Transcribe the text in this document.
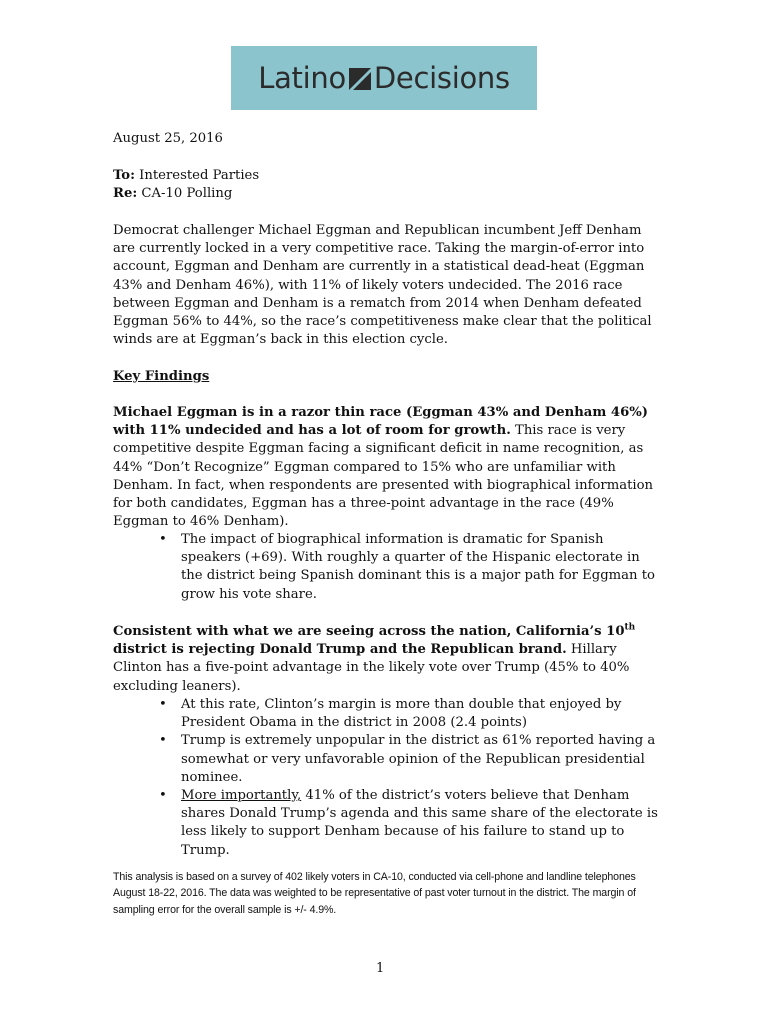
Latino Decisions

August 25, 2016

To: Interested Parties

Re: CA-10 Polling

Democrat challenger Michael Eggman and Republican incumbent Jeff Denham are currently locked in a very competitive race. Taking the margin-of-error into account, Eggman and Denham are currently in a statistical dead-heat (Eggman 43% and Denham 46%), with 11% of likely voters undecided. The 2016 race between Eggman and Denham is a rematch from 2014 when Denham defeated Eggman 56% to 44%, so the race’s competitiveness make clear that the political winds are at Eggman’s back in this election cycle.

Key Findings

Michael Eggman is in a razor thin race (Eggman 43% and Denham 46%) with 11% undecided and has a lot of room for growth. This race is very competitive despite Eggman facing a significant deficit in name recognition, as 44% “Don’t Recognize” Eggman compared to 15% who are unfamiliar with Denham. In fact, when respondents are presented with biographical information for both candidates, Eggman has a three-point advantage in the race (49% Eggman to 46% Denham).

• The impact of biographical information is dramatic for Spanish speakers (+69). With roughly a quarter of the Hispanic electorate in the district being Spanish dominant this is a major path for Eggman to grow his vote share.

Consistent with what we are seeing across the nation, California’s 10th district is rejecting Donald Trump and the Republican brand. Hillary Clinton has a five-point advantage in the likely vote over Trump (45% to 40% excluding leaners).

• At this rate, Clinton’s margin is more than double that enjoyed by President Obama in the district in 2008 (2.4 points)
• Trump is extremely unpopular in the district as 61% reported having a somewhat or very unfavorable opinion of the Republican presidential nominee.
• More importantly, 41% of the district’s voters believe that Denham shares Donald Trump’s agenda and this same share of the electorate is less likely to support Denham because of his failure to stand up to Trump.

This analysis is based on a survey of 402 likely voters in CA-10, conducted via cell-phone and landline telephones August 18-22, 2016. The data was weighted to be representative of past voter turnout in the district. The margin of sampling error for the overall sample is +/- 4.9%.

1
